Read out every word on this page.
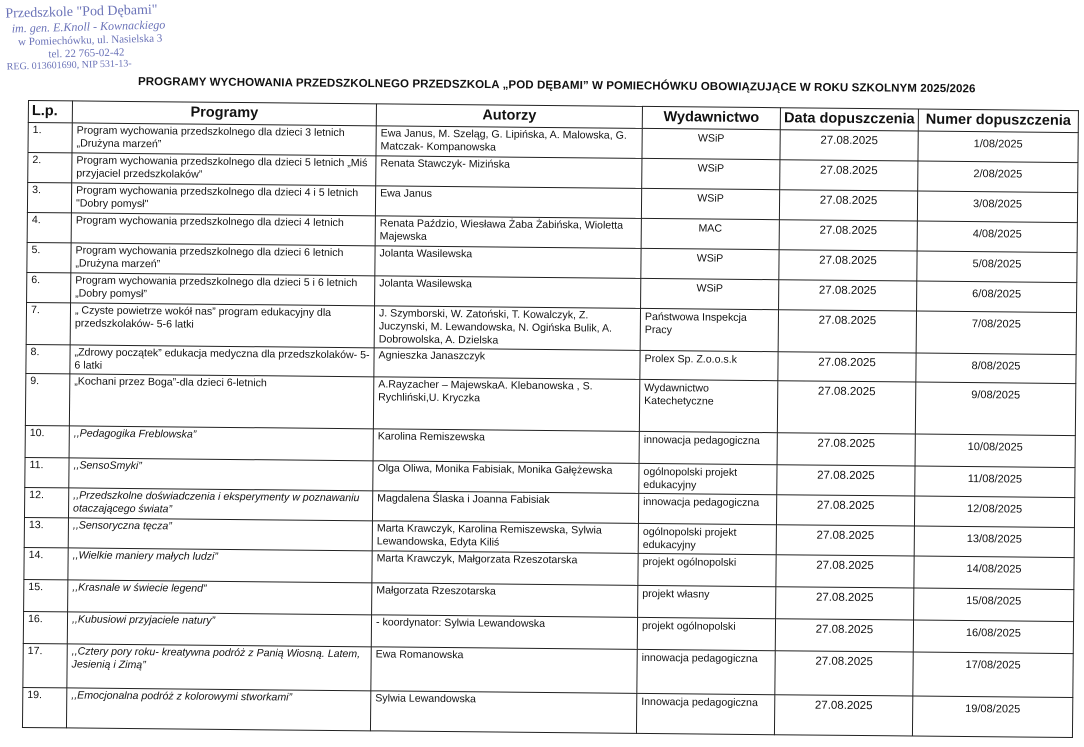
Przedszkole "Pod Dębami"
im. gen. E.Knoll - Kownackiego
w Pomiechówku, ul. Nasielska 3
tel. 22 765-02-42
REG. 013601690, NIP 531-13-
PROGRAMY WYCHOWANIA PRZEDSZKOLNEGO PRZEDSZKOLA „POD DĘBAMI” W POMIECHÓWKU OBOWIĄZUJĄCE W ROKU SZKOLNYM 2025/2026
L.p.	Programy	Autorzy	Wydawnictwo	Data dopuszczenia	Numer dopuszczenia
1.	Program wychowania przedszkolnego dla dzieci 3 letnich „Drużyna marzeń”	Ewa Janus, M. Szeląg, G. Lipińska, A. Malowska, G. Matczak- Kompanowska	WSiP	27.08.2025	1/08/2025
2.	Program wychowania przedszkolnego dla dzieci 5 letnich „Miś przyjaciel przedszkolaków”	Renata Stawczyk- Mizińska	WSiP	27.08.2025	2/08/2025
3.	Program wychowania przedszkolnego dla dzieci 4 i 5 letnich "Dobry pomysł"	Ewa Janus	WSiP	27.08.2025	3/08/2025
4.	Program wychowania przedszkolnego dla dzieci 4 letnich	Renata Paździo, Wiesława Żaba Żabińska, Wioletta Majewska	MAC	27.08.2025	4/08/2025
5.	Program wychowania przedszkolnego dla dzieci 6 letnich „Drużyna marzeń”	Jolanta Wasilewska	WSiP	27.08.2025	5/08/2025
6.	Program wychowania przedszkolnego dla dzieci 5 i 6 letnich „Dobry pomysł”	Jolanta Wasilewska	WSiP	27.08.2025	6/08/2025
7.	„ Czyste powietrze wokół nas” program edukacyjny dla przedszkolaków- 5-6 latki	J. Szymborski, W. Zatoński, T. Kowalczyk, Z. Juczynski, M. Lewandowska, N. Ogińska Bulik, A. Dobrowolska, A. Dzielska	Państwowa Inspekcja Pracy	27.08.2025	7/08/2025
8.	„Zdrowy początek” edukacja medyczna dla przedszkolaków- 5-6 latki	Agnieszka Janaszczyk	Prolex Sp. Z.o.o.s.k	27.08.2025	8/08/2025
9.	„Kochani przez Boga”-dla dzieci 6-letnich	A.Rayzacher – MajewskaA. Klebanowska , S. Rychliński,U. Kryczka	Wydawnictwo Katechetyczne	27.08.2025	9/08/2025
10.	,,Pedagogika Freblowska”	Karolina Remiszewska	innowacja pedagogiczna	27.08.2025	10/08/2025
11.	,,SensoSmyki”	Olga Oliwa, Monika Fabisiak, Monika Gałężewska	ogólnopolski projekt edukacyjny	27.08.2025	11/08/2025
12.	,,Przedszkolne doświadczenia i eksperymenty w poznawaniu otaczającego świata”	Magdalena Ślaska i Joanna Fabisiak	innowacja pedagogiczna	27.08.2025	12/08/2025
13.	,,Sensoryczna tęcza”	Marta Krawczyk, Karolina Remiszewska, Sylwia Lewandowska, Edyta Kiliś	ogólnopolski projekt edukacyjny	27.08.2025	13/08/2025
14.	,,Wielkie maniery małych ludzi”	Marta Krawczyk, Małgorzata Rzeszotarska	projekt ogólnopolski	27.08.2025	14/08/2025
15.	,,Krasnale w świecie legend”	Małgorzata Rzeszotarska	projekt własny	27.08.2025	15/08/2025
16.	,,Kubusiowi przyjaciele natury”	- koordynator: Sylwia Lewandowska	projekt ogólnopolski	27.08.2025	16/08/2025
17.	,,Cztery pory roku- kreatywna podróż z Panią Wiosną. Latem, Jesienią i Zimą”	Ewa Romanowska	innowacja pedagogiczna	27.08.2025	17/08/2025
19.	,,Emocjonalna podróż z kolorowymi stworkami”	Sylwia Lewandowska	Innowacja pedagogiczna	27.08.2025	19/08/2025
